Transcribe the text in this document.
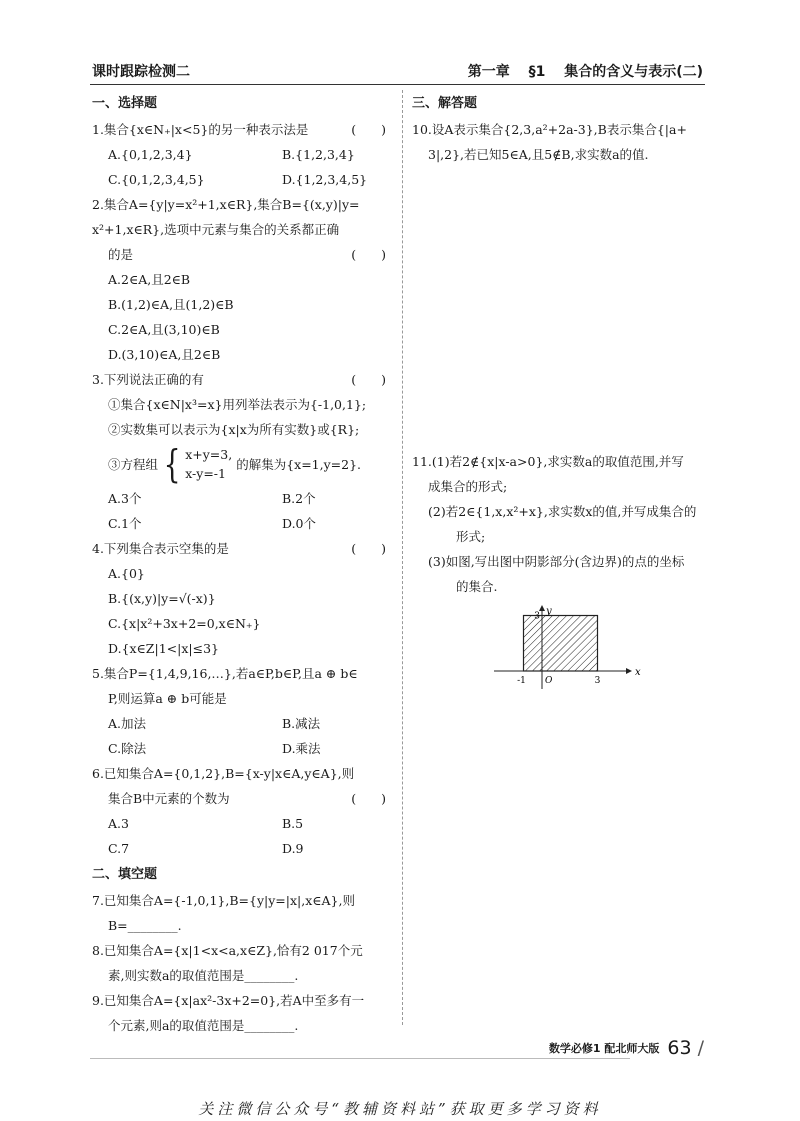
课时跟踪检测二	第一章 §1 集合的含义与表示(二)
一、选择题
1.集合{x∈N₊|x<5}的另一种表示法是	(　　)
A.{0,1,2,3,4}	B.{1,2,3,4}
C.{0,1,2,3,4,5}	D.{1,2,3,4,5}
2.集合A={y|y=x²+1,x∈R},集合B={(x,y)|y=
x²+1,x∈R},选项中元素与集合的关系都正确
的是	(　　)
A.2∈A,且2∈B
B.(1,2)∈A,且(1,2)∈B
C.2∈A,且(3,10)∈B
D.(3,10)∈A,且2∈B
3.下列说法正确的有	(　　)
①集合{x∈N|x³=x}用列举法表示为{-1,0,1};
②实数集可以表示为{x|x为所有实数}或{R};
③方程组 { x+y=3,
x-y=-1
的解集为{x=1,y=2}.
A.3个	B.2个
C.1个	D.0个
4.下列集合表示空集的是	(　　)
A.{0}
B.{(x,y)|y=√(-x)}
C.{x|x²+3x+2=0,x∈N₊}
D.{x∈Z|1<|x|≤3}
5.集合P={1,4,9,16,…},若a∈P,b∈P,且a ⊕ b∈
P,则运算a ⊕ b可能是
A.加法	B.减法
C.除法	D.乘法
6.已知集合A={0,1,2},B={x-y|x∈A,y∈A},则
集合B中元素的个数为	(　　)
A.3	B.5
C.7	D.9
二、填空题
7.已知集合A={-1,0,1},B={y|y=|x|,x∈A},则
B=________.
8.已知集合A={x|1<x<a,x∈Z},恰有2 017个元
素,则实数a的取值范围是________.
9.已知集合A={x|ax²-3x+2=0},若A中至多有一
个元素,则a的取值范围是________.
三、解答题
10.设A表示集合{2,3,a²+2a-3},B表示集合{|a+
3|,2},若已知5∈A,且5∉B,求实数a的值.
11.(1)若2∉{x|x-a>0},求实数a的取值范围,并写
成集合的形式;
(2)若2∈{1,x,x²+x},求实数x的值,并写成集合的
形式;
(3)如图,写出图中阴影部分(含边界)的点的坐标
的集合.
x
y
O
-1	3
3
数学必修1 配北师大版 63 /
关注微信公众号“教辅资料站”获取更多学习资料
